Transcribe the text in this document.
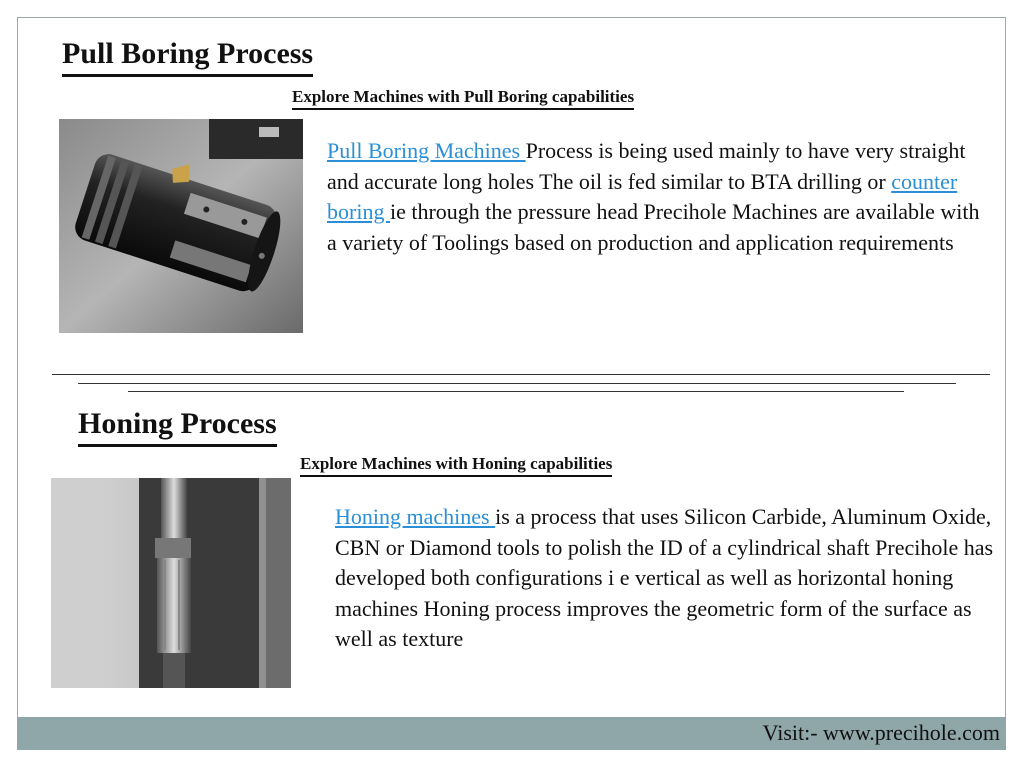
Pull Boring Process
Explore Machines with Pull Boring capabilities
Pull Boring Machines Process is being used mainly to have very straight and accurate long holes The oil is fed similar to BTA drilling or counter boring ie through the pressure head Precihole Machines are available with a variety of Toolings based on production and application requirements
Honing Process
Explore Machines with Honing capabilities
Honing machines is a process that uses Silicon Carbide, Aluminum Oxide, CBN or Diamond tools to polish the ID of a cylindrical shaft Precihole has developed both configurations i e vertical as well as horizontal honing machines Honing process improves the geometric form of the surface as well as texture
Visit:- www.precihole.com
